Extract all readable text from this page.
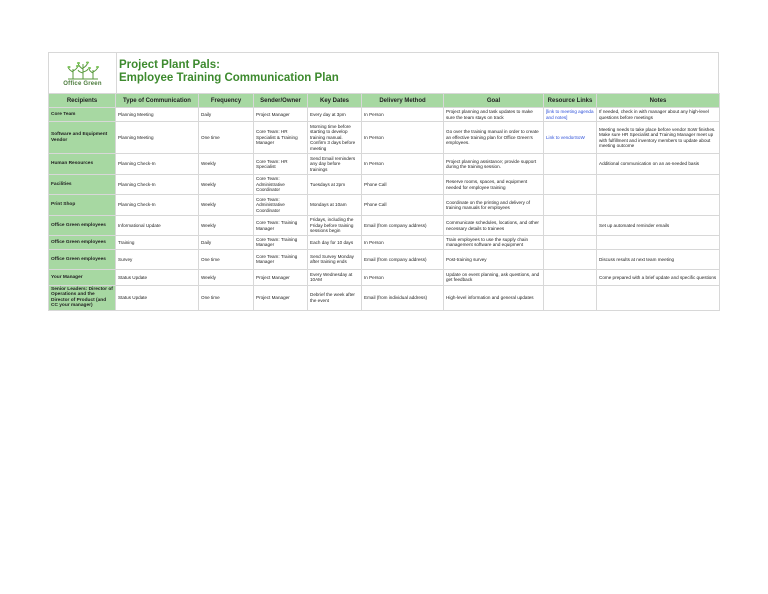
Office Green
Project Plant Pals:
Employee Training Communication Plan
Recipients	Type of Communication	Frequency	Sender/Owner	Key Dates	Delivery Method	Goal	Resource Links	Notes
Core Team	Planning Meeting	Daily	Project Manager	Every day at 3pm	In Person	Project planning and task updates to make sure the team stays on track	[link to meeting agenda and notes]	If needed, check in with manager about any high-level questions before meetings
Software and Equipment Vendor	Planning Meeting	One time	Core Team: HR Specialist & Training Manager	Morning time before starting to develop training manual. Confirm 3 days before meeting	In Person	Go over the training manual in order to create an effective training plan for Office Green's employees.	Link to vendorSoW	Meeting needs to take place before vendor SoW finishes. Make sure HR Specialist and Training Manager meet up with fulfillment and inventory members to update about meeting outcome
Human Resources	Planning Check-In	Weekly	Core Team: HR Specialist	Send Email reminders any day before trainings	In Person	Project planning assistance; provide support during the training session.		Additional communication on an as-needed basis
Facilities	Planning Check-In	Weekly	Core Team: Administrative Coordinator	Tuesdays at 2pm	Phone Call	Reserve rooms, spaces, and equipment needed for employee training		
Print Shop	Planning Check-In	Weekly	Core Team: Administrative Coordinator	Mondays at 10am	Phone Call	Coordinate on the printing and delivery of training manuals for employees		
Office Green employees	Informational Update	Weekly	Core Team: Training Manager	Fridays, including the Friday before training sessions begin	Email (from company address)	Communicate schedules, locations, and other necessary details to trainees		Set up automated reminder emails
Office Green employees	Training	Daily	Core Team: Training Manager	Each day for 10 days	In Person	Train employees to use the supply chain management software and equipment		
Office Green employees	Survey	One time	Core Team: Training Manager	Send Survey Monday after training ends	Email (from company address)	Post-training survey		Discuss results at next team meeting
Your Manager	Status Update	Weekly	Project Manager	Every Wednesday at 10AM	In Person	Update on event planning, ask questions, and get feedback		Come prepared with a brief update and specific questions
Senior Leaders: Director of Operations and the Director of Product (and CC your manager)	Status Update	One time	Project Manager	Debrief the week after the event	Email (from individual address)	High-level information and general updates		
